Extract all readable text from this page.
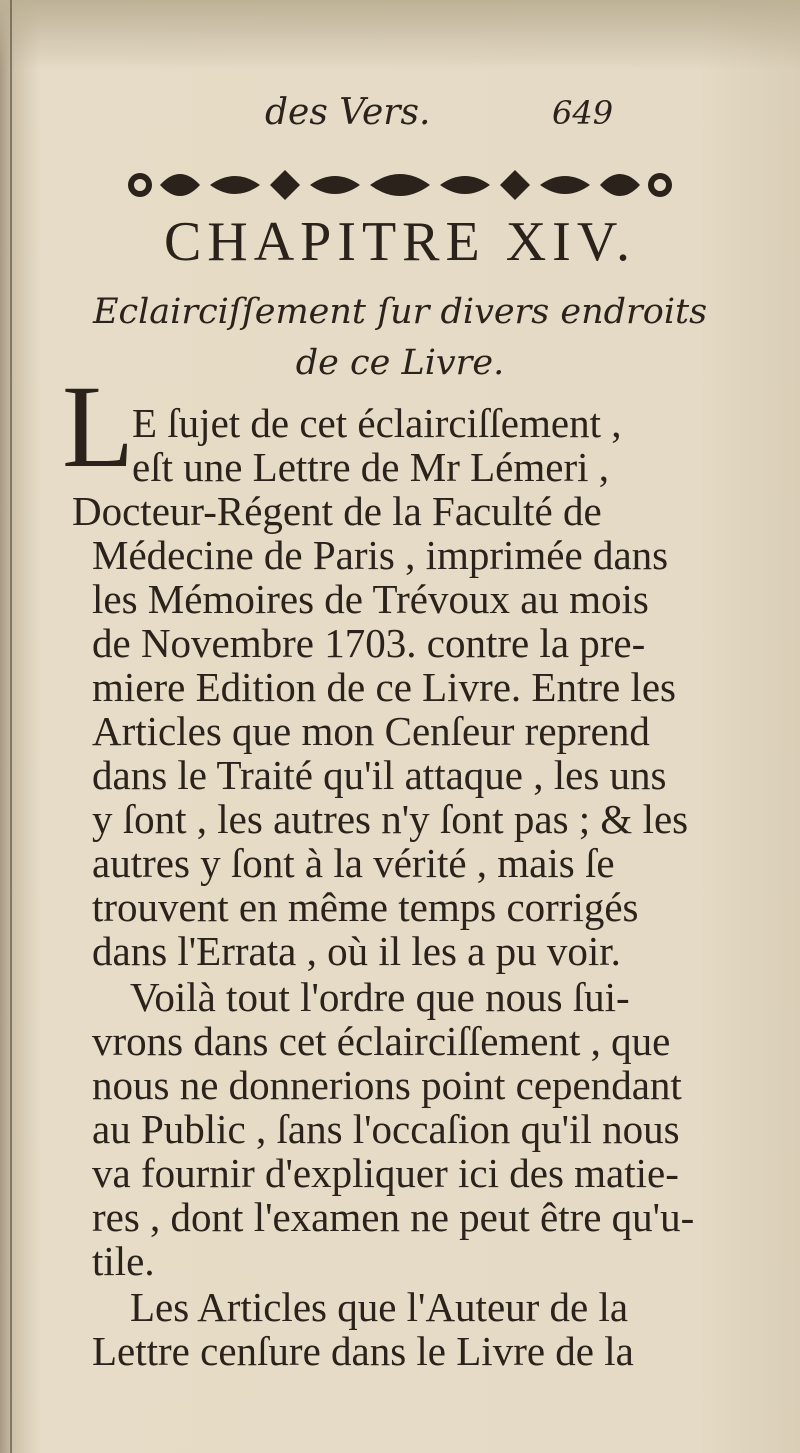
des Vers.	649
CHAPITRE XIV.
Eclairciſſement ſur divers endroits
de ce Livre.
L
E ſujet de cet éclairciſſement ,
eſt une Lettre de Mr Lémeri ,
Docteur-Régent de la Faculté de
Médecine de Paris , imprimée dans
les Mémoires de Trévoux au mois
de Novembre 1703. contre la pre-
miere Edition de ce Livre. Entre les
Articles que mon Cenſeur reprend
dans le Traité qu'il attaque , les uns
y ſont , les autres n'y ſont pas ; & les
autres y ſont à la vérité , mais ſe
trouvent en même temps corrigés
dans l'Errata , où il les a pu voir.
Voilà tout l'ordre que nous ſui-
vrons dans cet éclairciſſement , que
nous ne donnerions point cependant
au Public , ſans l'occaſion qu'il nous
va fournir d'expliquer ici des matie-
res , dont l'examen ne peut être qu'u-
tile.
Les Articles que l'Auteur de la
Lettre cenſure dans le Livre de la
